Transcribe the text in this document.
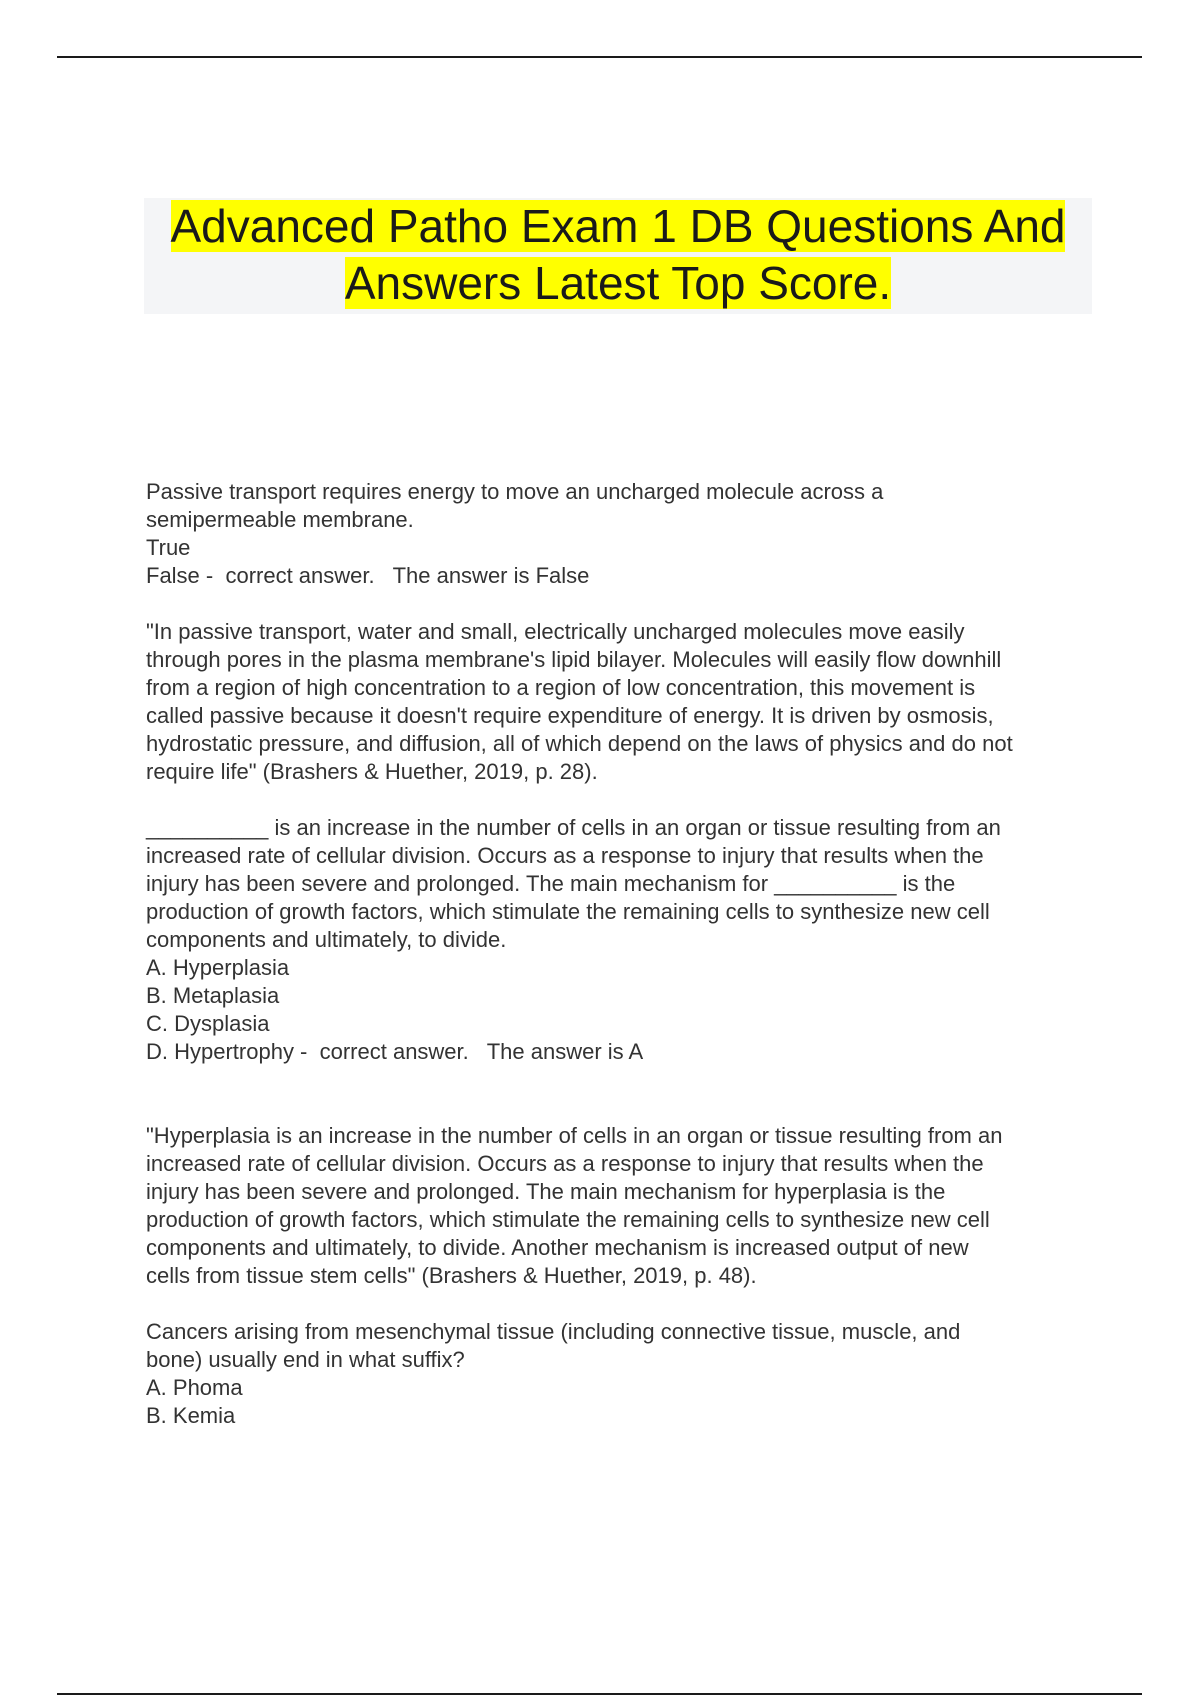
Advanced Patho Exam 1 DB Questions And
Answers Latest Top Score.

Passive transport requires energy to move an uncharged molecule across a

semipermeable membrane.

True

False -  correct answer.   The answer is False

"In passive transport, water and small, electrically uncharged molecules move easily

through pores in the plasma membrane's lipid bilayer. Molecules will easily flow downhill

from a region of high concentration to a region of low concentration, this movement is

called passive because it doesn't require expenditure of energy. It is driven by osmosis,

hydrostatic pressure, and diffusion, all of which depend on the laws of physics and do not

require life" (Brashers & Huether, 2019, p. 28).

__________ is an increase in the number of cells in an organ or tissue resulting from an

increased rate of cellular division. Occurs as a response to injury that results when the

injury has been severe and prolonged. The main mechanism for __________ is the

production of growth factors, which stimulate the remaining cells to synthesize new cell

components and ultimately, to divide.

A. Hyperplasia

B. Metaplasia

C. Dysplasia

D. Hypertrophy -  correct answer.   The answer is A

"Hyperplasia is an increase in the number of cells in an organ or tissue resulting from an

increased rate of cellular division. Occurs as a response to injury that results when the

injury has been severe and prolonged. The main mechanism for hyperplasia is the

production of growth factors, which stimulate the remaining cells to synthesize new cell

components and ultimately, to divide. Another mechanism is increased output of new

cells from tissue stem cells" (Brashers & Huether, 2019, p. 48).

Cancers arising from mesenchymal tissue (including connective tissue, muscle, and

bone) usually end in what suffix?

A. Phoma

B. Kemia
